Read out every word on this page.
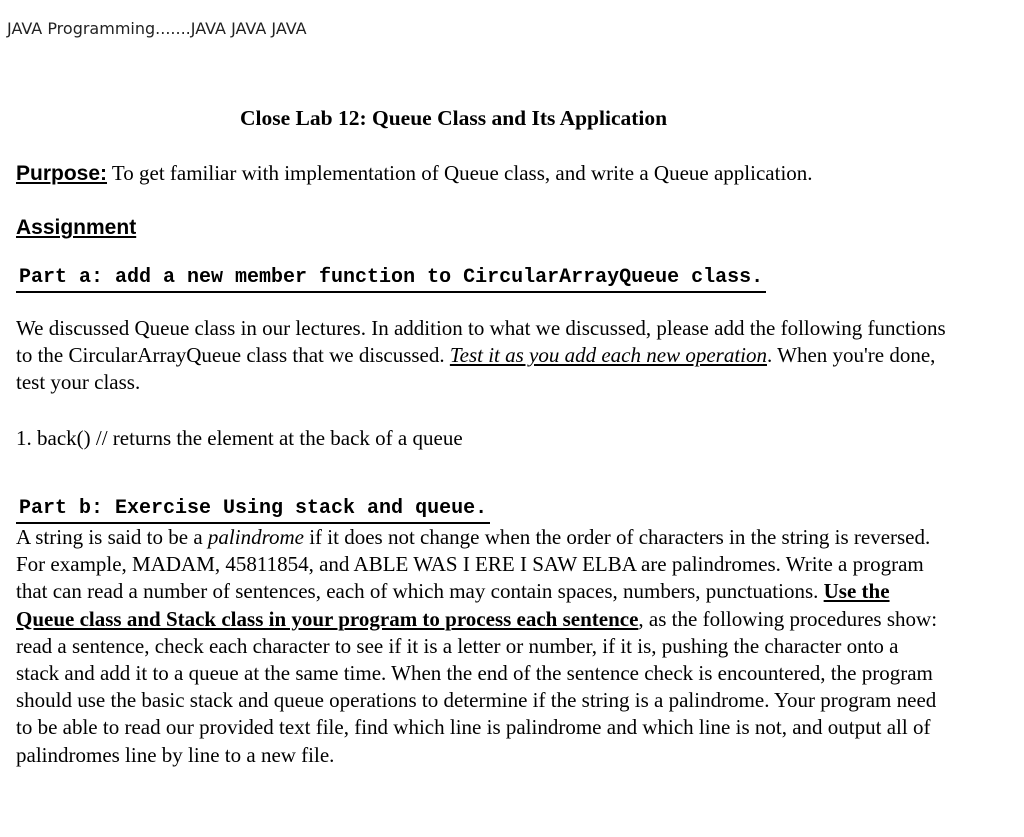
JAVA Programming.......JAVA JAVA JAVA
Close Lab 12: Queue Class and Its Application
Purpose: To get familiar with implementation of Queue class, and write a Queue application.
Assignment
Part a: add a new member function to CircularArrayQueue class.
We discussed Queue class in our lectures. In addition to what we discussed, please add the following functions to the CircularArrayQueue class that we discussed. Test it as you add each new operation. When you're done, test your class.
1. back() // returns the element at the back of a queue
Part b: Exercise Using stack and queue.
A string is said to be a palindrome if it does not change when the order of characters in the string is reversed. For example, MADAM, 45811854, and ABLE WAS I ERE I SAW ELBA are palindromes. Write a program that can read a number of sentences, each of which may contain spaces, numbers, punctuations. Use the Queue class and Stack class in your program to process each sentence, as the following procedures show: read a sentence, check each character to see if it is a letter or number, if it is, pushing the character onto a stack and add it to a queue at the same time. When the end of the sentence check is encountered, the program should use the basic stack and queue operations to determine if the string is a palindrome. Your program need to be able to read our provided text file, find which line is palindrome and which line is not, and output all of palindromes line by line to a new file.
